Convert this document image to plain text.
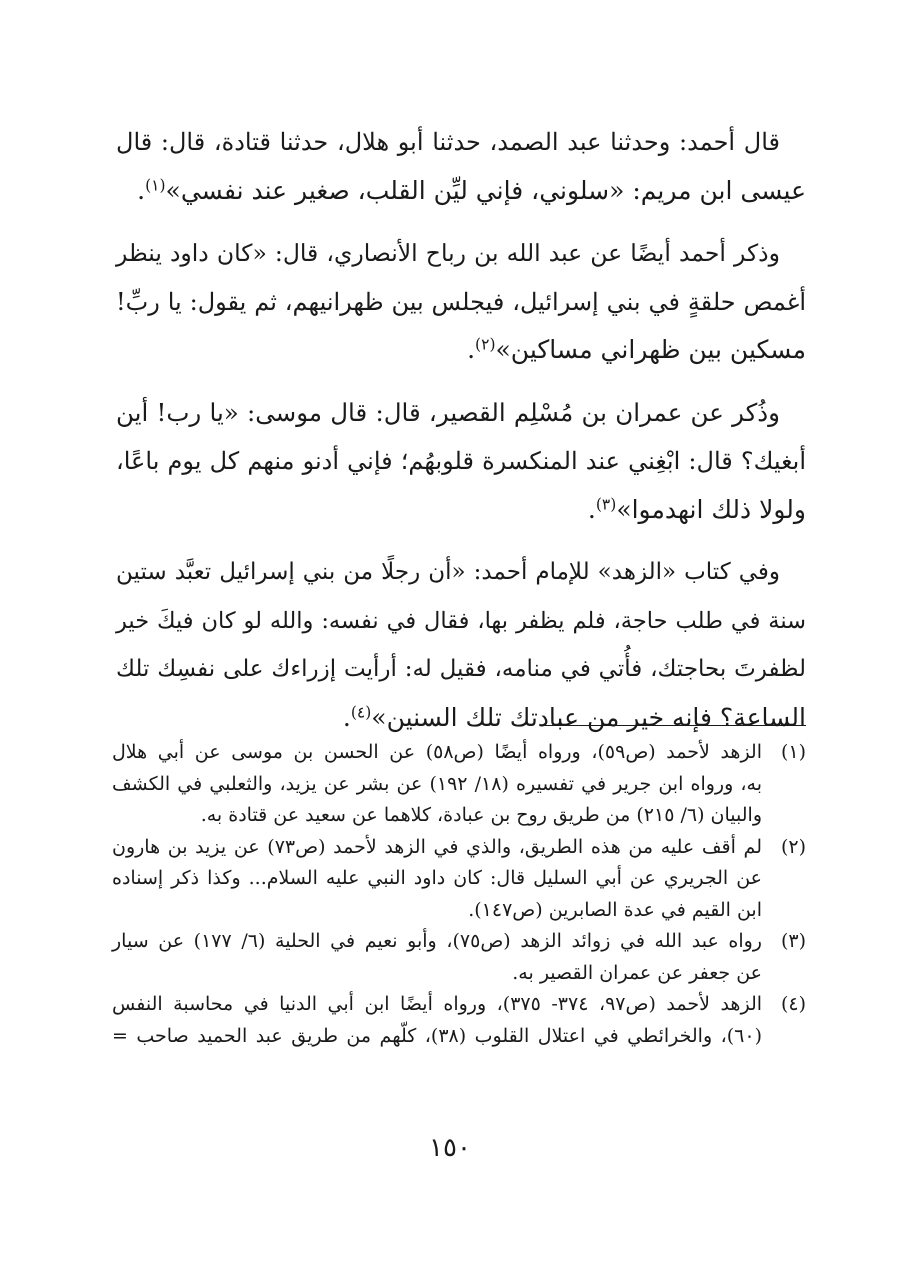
قال أحمد: وحدثنا عبد الصمد، حدثنا أبو هلال، حدثنا قتادة، قال: قال
عيسى ابن مريم: «سلوني، فإني ليِّن القلب، صغير عند نفسي»$^{(١)}$.
وذكر أحمد أيضًا عن عبد الله بن رباح الأنصاري، قال: «كان داود ينظر
أغمص حلقةٍ في بني إسرائيل، فيجلس بين ظهرانيهم، ثم يقول: يا ربِّ!
مسكين بين ظهراني مساكين»$^{(٢)}$.
وذُكر عن عمران بن مُسْلِم القصير، قال: قال موسى: «يا رب! أين
أبغيك؟ قال: ابْغِني عند المنكسرة قلوبهُم؛ فإني أدنو منهم كل يوم باعًا،
ولولا ذلك انهدموا»$^{(٣)}$.
وفي كتاب «الزهد» للإمام أحمد: «أن رجلًا من بني إسرائيل تعبَّد ستين
سنة في طلب حاجة، فلم يظفر بها، فقال في نفسه: والله لو كان فيكَ خير
لظفرتَ بحاجتك، فأُتي في منامه، فقيل له: أرأيت إزراءك على نفسِك تلك
الساعة؟ فإنه خير من عبادتك تلك السنين»$^{(٤)}$.
(١)
الزهد لأحمد (ص٥٩)، ورواه أيضًا (ص٥٨) عن الحسن بن موسى عن أبي هلال
به، ورواه ابن جرير في تفسيره (١٨/ ١٩٢) عن بشر عن يزيد، والثعلبي في الكشف
والبيان (٦/ ٢١٥) من طريق روح بن عبادة، كلاهما عن سعيد عن قتادة به.
(٢)
لم أقف عليه من هذه الطريق، والذي في الزهد لأحمد (ص٧٣) عن يزيد بن هارون
عن الجريري عن أبي السليل قال: كان داود النبي عليه السلام... وكذا ذكر إسناده
ابن القيم في عدة الصابرين (ص١٤٧).
(٣)
رواه عبد الله في زوائد الزهد (ص٧٥)، وأبو نعيم في الحلية (٦/ ١٧٧) عن سيار
عن جعفر عن عمران القصير به.
(٤)
الزهد لأحمد (ص٩٧، ٣٧٤- ٣٧٥)، ورواه أيضًا ابن أبي الدنيا في محاسبة النفس
(٦٠)، والخرائطي في اعتلال القلوب (٣٨)، كلّهم من طريق عبد الحميد صاحب =
١٥٠
